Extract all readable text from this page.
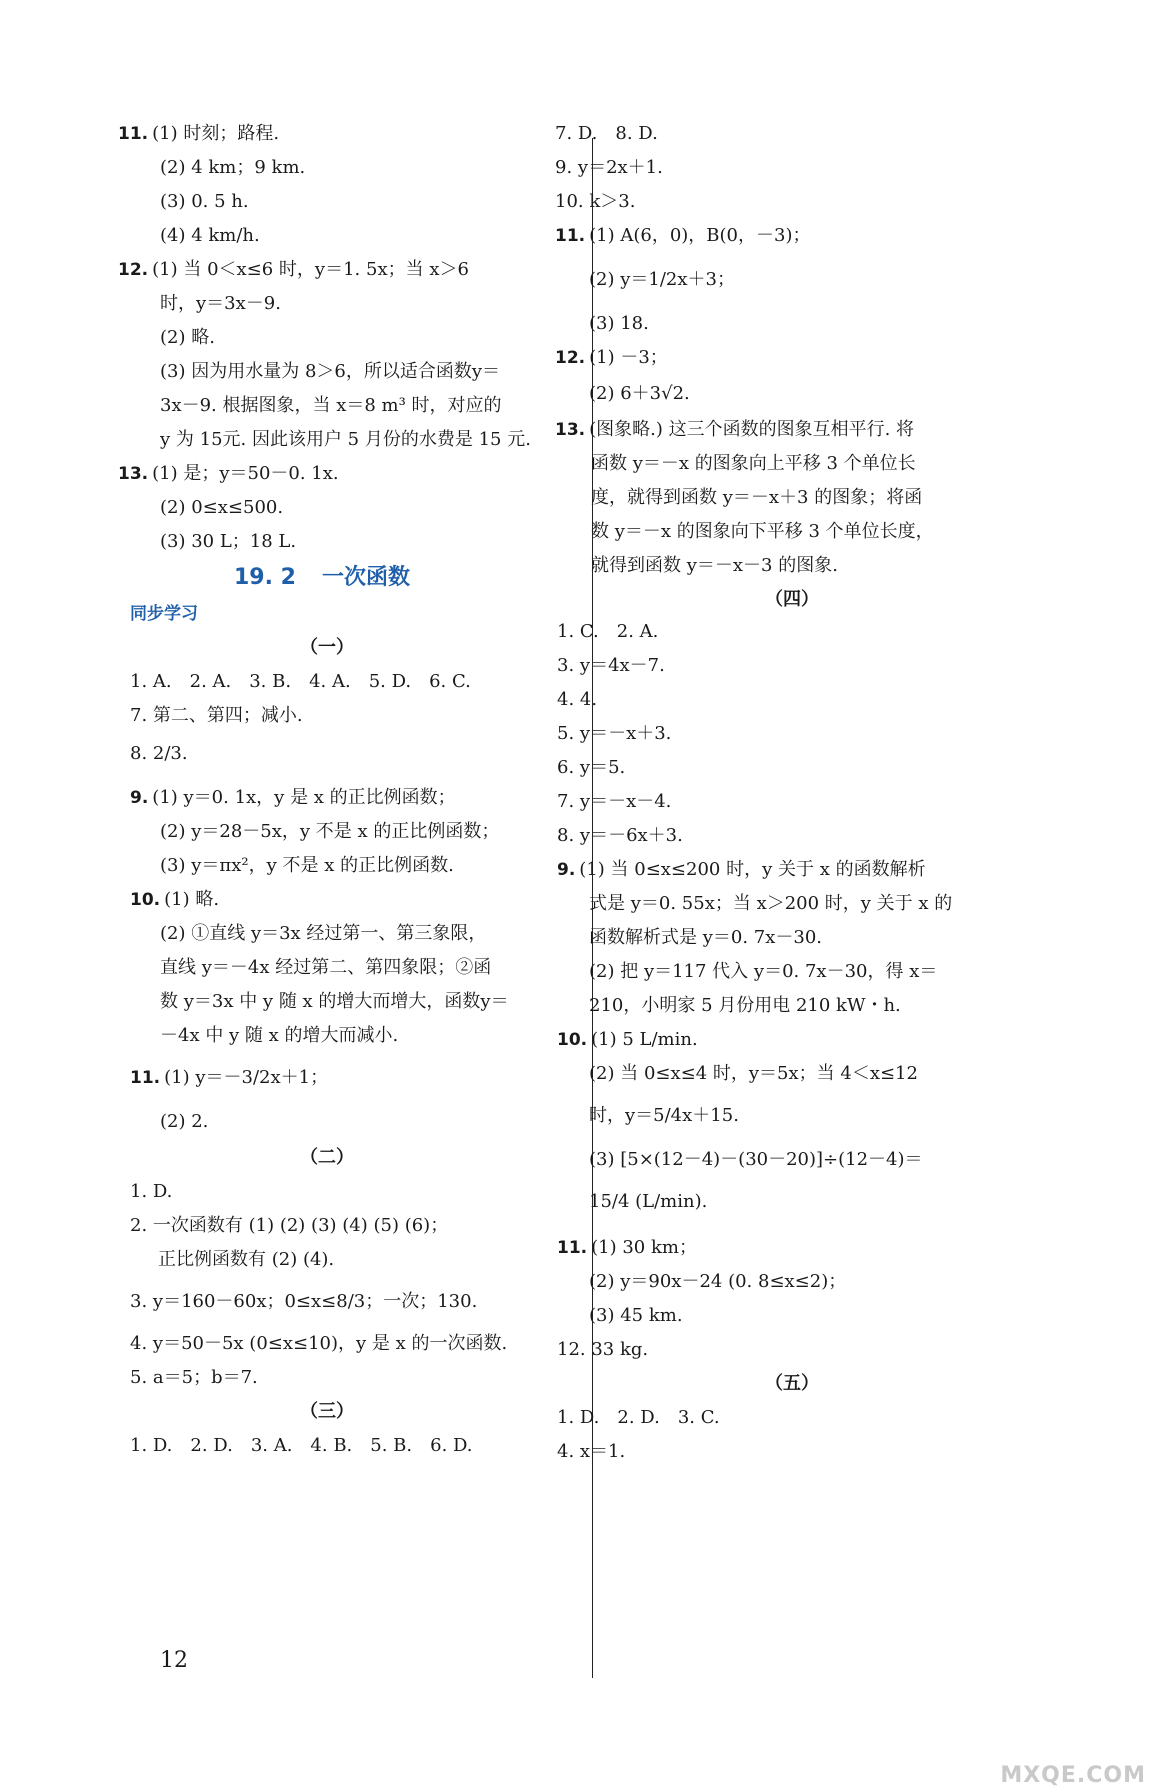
11. (1) 时刻；路程.
(2) 4 km；9 km.
(3) 0. 5 h.
(4) 4 km/h.
12. (1) 当 0＜x≤6 时，y＝1. 5x；当 x＞6
时，y＝3x－9.
(2) 略.
(3) 因为用水量为 8＞6，所以适合函数y＝
3x－9. 根据图象，当 x＝8 m³ 时，对应的
y 为 15元. 因此该用户 5 月份的水费是 15 元.
13. (1) 是；y＝50－0. 1x.
(2) 0≤x≤500.
(3) 30 L；18 L.
19. 2 一次函数
同步学习
（一）
1. A.　2. A.　3. B.　4. A.　5. D.　6. C.
7. 第二、第四；减小.
8. 2/3.
9. (1) y＝0. 1x，y 是 x 的正比例函数；
(2) y＝28－5x，y 不是 x 的正比例函数；
(3) y＝πx²，y 不是 x 的正比例函数.
10. (1) 略.
(2) ①直线 y＝3x 经过第一、第三象限，
直线 y＝－4x 经过第二、第四象限；②函
数 y＝3x 中 y 随 x 的增大而增大，函数y＝
－4x 中 y 随 x 的增大而减小.
11. (1) y＝－3/2x＋1；
(2) 2.
（二）
1. D.
2. 一次函数有 (1) (2) (3) (4) (5) (6)；
正比例函数有 (2) (4).
3. y＝160－60x；0≤x≤8/3；一次；130.
4. y＝50－5x (0≤x≤10)，y 是 x 的一次函数.
5. a＝5；b＝7.
（三）
1. D.　2. D.　3. A.　4. B.　5. B.　6. D.
12
7. D.　8. D.
9. y＝2x＋1.
10. k＞3.
11. (1) A(6，0)，B(0，－3)；
(2) y＝1/2x＋3；
(3) 18.
12. (1) －3；
(2) 6＋3√2.
13. (图象略.) 这三个函数的图象互相平行. 将
函数 y＝－x 的图象向上平移 3 个单位长
度，就得到函数 y＝－x＋3 的图象；将函
数 y＝－x 的图象向下平移 3 个单位长度，
就得到函数 y＝－x－3 的图象.
（四）
1. C.　2. A.
3. y＝4x－7.
4. 4.
5. y＝－x＋3.
6. y＝5.
7. y＝－x－4.
8. y＝－6x＋3.
9. (1) 当 0≤x≤200 时，y 关于 x 的函数解析
式是 y＝0. 55x；当 x＞200 时，y 关于 x 的
函数解析式是 y＝0. 7x－30.
(2) 把 y＝117 代入 y＝0. 7x－30，得 x＝
210，小明家 5 月份用电 210 kW・h.
10. (1) 5 L/min.
(2) 当 0≤x≤4 时，y＝5x；当 4＜x≤12
时，y＝5/4x＋15.
(3) [5×(12－4)－(30－20)]÷(12－4)＝
15/4 (L/min).
11. (1) 30 km；
(2) y＝90x－24 (0. 8≤x≤2)；
(3) 45 km.
12. 33 kg.
（五）
1. D.　2. D.　3. C.
4. x＝1.
MXQE.COM
